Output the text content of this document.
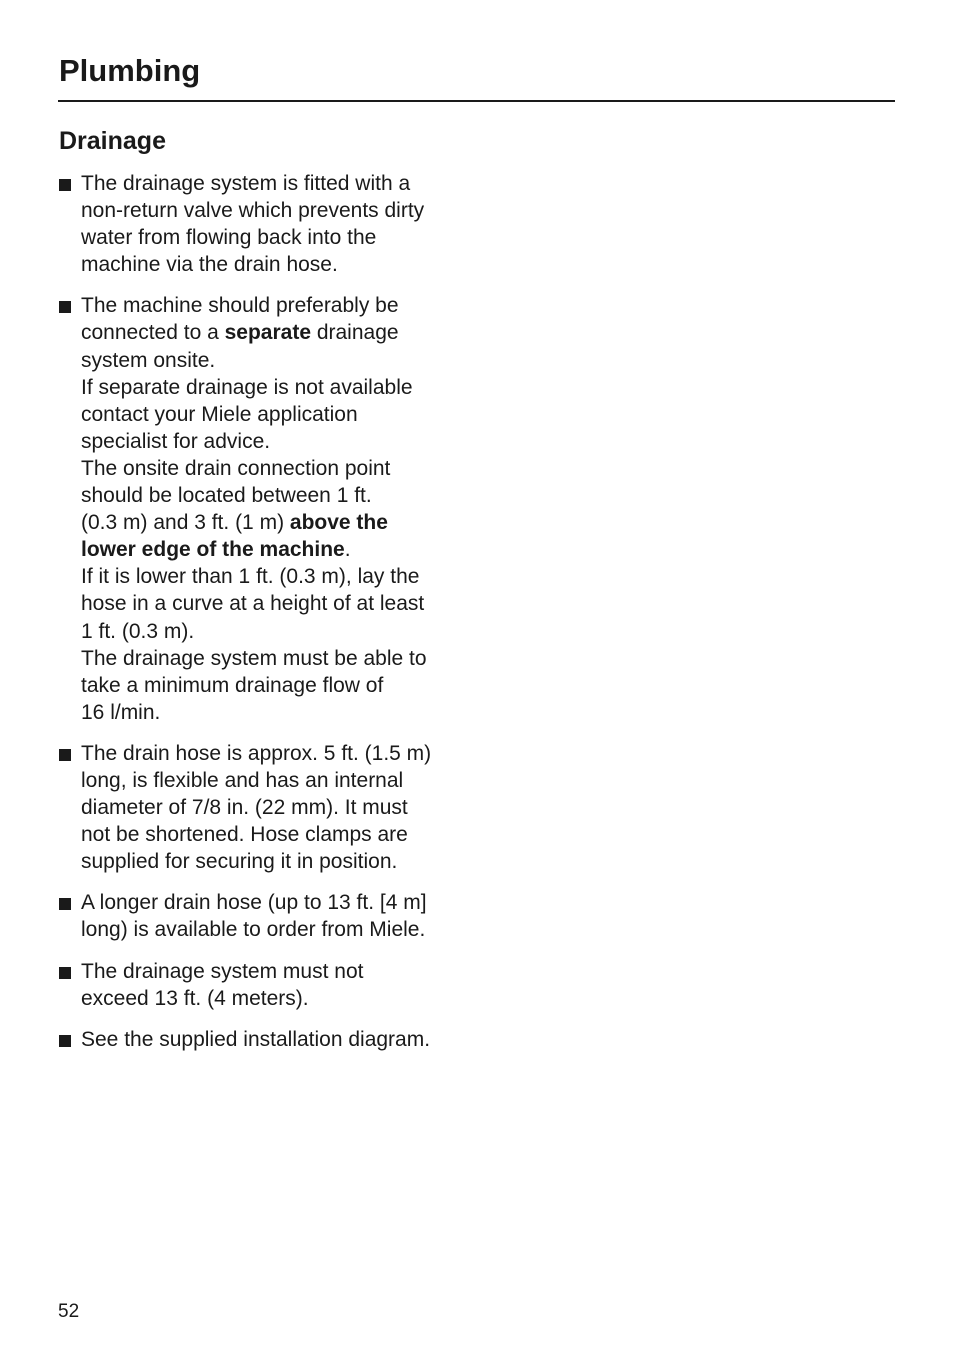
Plumbing
Drainage
The drainage system is fitted with a
non-return valve which prevents dirty
water from flowing back into the
machine via the drain hose.
The machine should preferably be
connected to a separate drainage
system onsite.
If separate drainage is not available
contact your Miele application
specialist for advice.
The onsite drain connection point
should be located between 1 ft.
(0.3 m) and 3 ft. (1 m) above the
lower edge of the machine.
If it is lower than 1 ft. (0.3 m), lay the
hose in a curve at a height of at least
1 ft. (0.3 m).
The drainage system must be able to
take a minimum drainage flow of
16 l/min.
The drain hose is approx. 5 ft. (1.5 m)
long, is flexible and has an internal
diameter of 7/8 in. (22 mm). It must
not be shortened. Hose clamps are
supplied for securing it in position.
A longer drain hose (up to 13 ft. [4 m]
long) is available to order from Miele.
The drainage system must not
exceed 13 ft. (4 meters).
See the supplied installation diagram.
52
